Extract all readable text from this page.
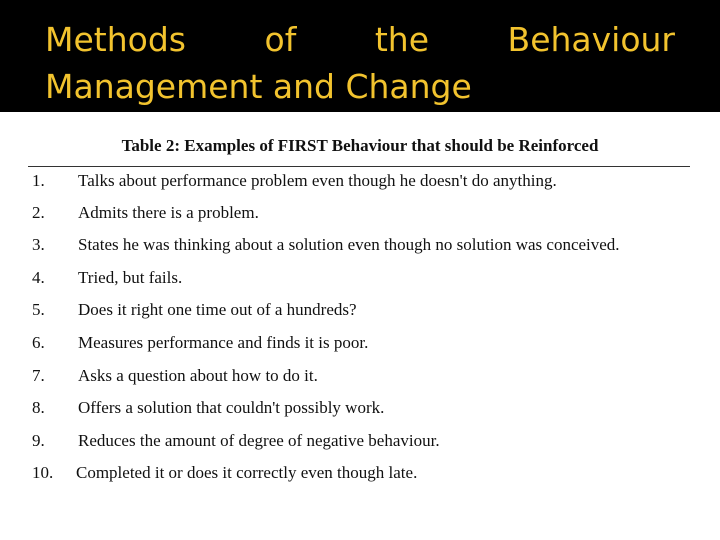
Methods of the Behaviour Management and Change

Table 2: Examples of FIRST Behaviour that should be Reinforced
1. Talks about performance problem even though he doesn't do anything.
2. Admits there is a problem.
3. States he was thinking about a solution even though no solution was conceived.
4. Tried, but fails.
5. Does it right one time out of a hundreds?
6. Measures performance and finds it is poor.
7. Asks a question about how to do it.
8. Offers a solution that couldn't possibly work.
9. Reduces the amount of degree of negative behaviour.
10. Completed it or does it correctly even though late.
